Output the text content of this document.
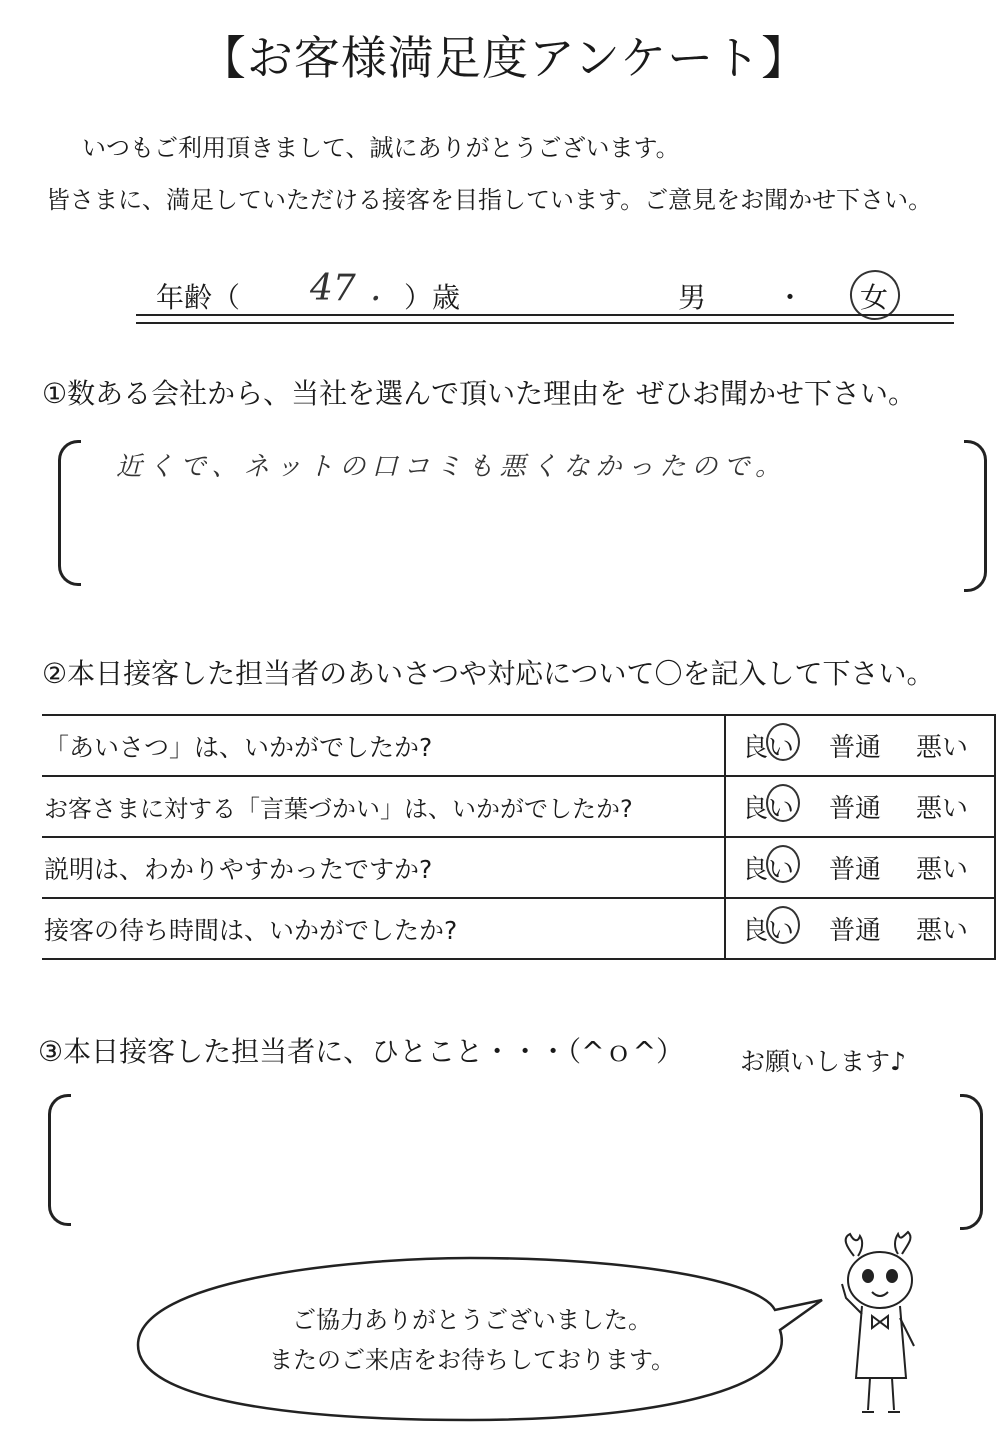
【お客様満足度アンケート】
いつもご利用頂きまして、誠にありがとうございます。
皆さまに、満足していただける接客を目指しています。ご意見をお聞かせ下さい。
年齢（ 47 . ）歳	男 ・ 女
①数ある会社から、当社を選んで頂いた理由を ぜひお聞かせ下さい。
近くで、ネットの口コミも悪くなかったので。
②本日接客した担当者のあいさつや対応について〇を記入して下さい。
「あいさつ」は、いかがでしたか?	良い 普通 悪い

お客さまに対する「言葉づかい」は、いかがでしたか?	良い 普通 悪い

説明は、わかりやすかったですか?	良い 普通 悪い

接客の待ち時間は、いかがでしたか?	良い 普通 悪い
③本日接客した担当者に、ひとこと・・・（^ｏ^） お願いします♪
ご協力ありがとうございました。
またのご来店をお待ちしております。
